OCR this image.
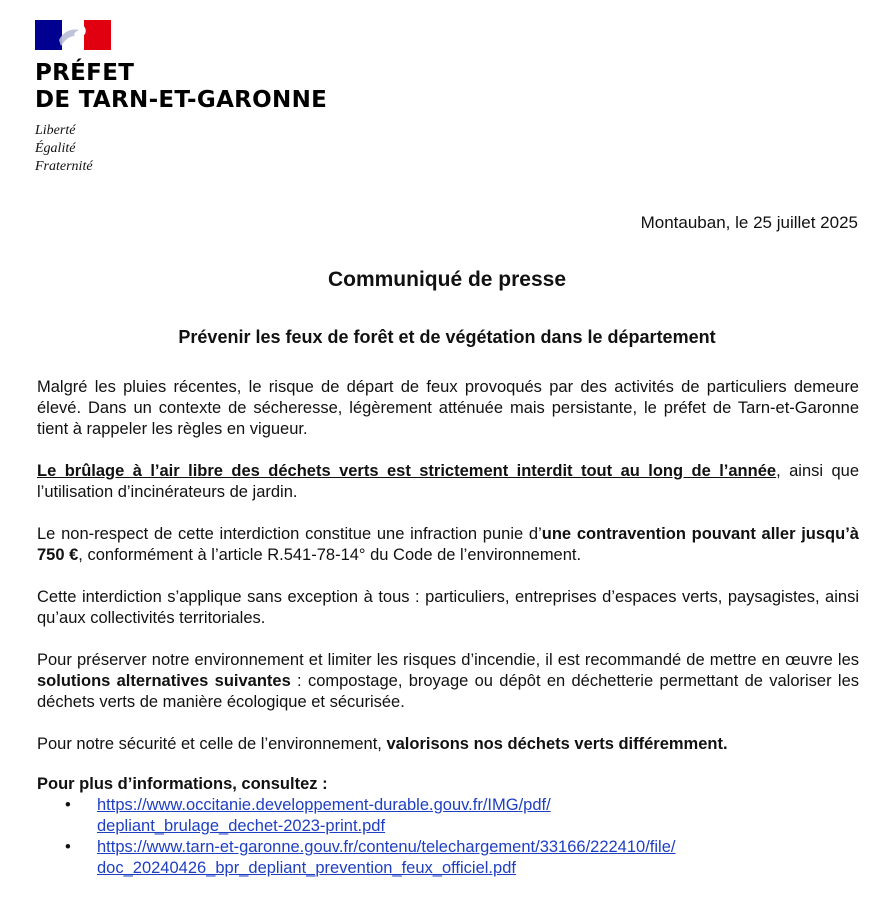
PRÉFET
DE TARN-ET-GARONNE
Liberté
Égalité
Fraternité
Montauban, le 25 juillet 2025
Communiqué de presse
Prévenir les feux de forêt et de végétation dans le département

Malgré les pluies récentes, le risque de départ de feux provoqués par des activités de particuliers demeure élevé. Dans un contexte de sécheresse, légèrement atténuée mais persistante, le préfet de Tarn-et-Garonne tient à rappeler les règles en vigueur.

Le brûlage à l’air libre des déchets verts est strictement interdit tout au long de l’année, ainsi que l’utilisation d’incinérateurs de jardin.

Le non-respect de cette interdiction constitue une infraction punie d’une contravention pouvant aller jusqu’à 750 €, conformément à l’article R.541-78-14° du Code de l’environnement.

Cette interdiction s’applique sans exception à tous : particuliers, entreprises d’espaces verts, paysagistes, ainsi qu’aux collectivités territoriales.

Pour préserver notre environnement et limiter les risques d’incendie, il est recommandé de mettre en œuvre les solutions alternatives suivantes : compostage, broyage ou dépôt en déchetterie permettant de valoriser les déchets verts de manière écologique et sécurisée.

Pour notre sécurité et celle de l’environnement, valorisons nos déchets verts différemment.

Pour plus d’informations, consultez :
• https://www.occitanie.developpement-durable.gouv.fr/IMG/pdf/
depliant_brulage_dechet-2023-print.pdf
• https://www.tarn-et-garonne.gouv.fr/contenu/telechargement/33166/222410/file/
doc_20240426_bpr_depliant_prevention_feux_officiel.pdf
